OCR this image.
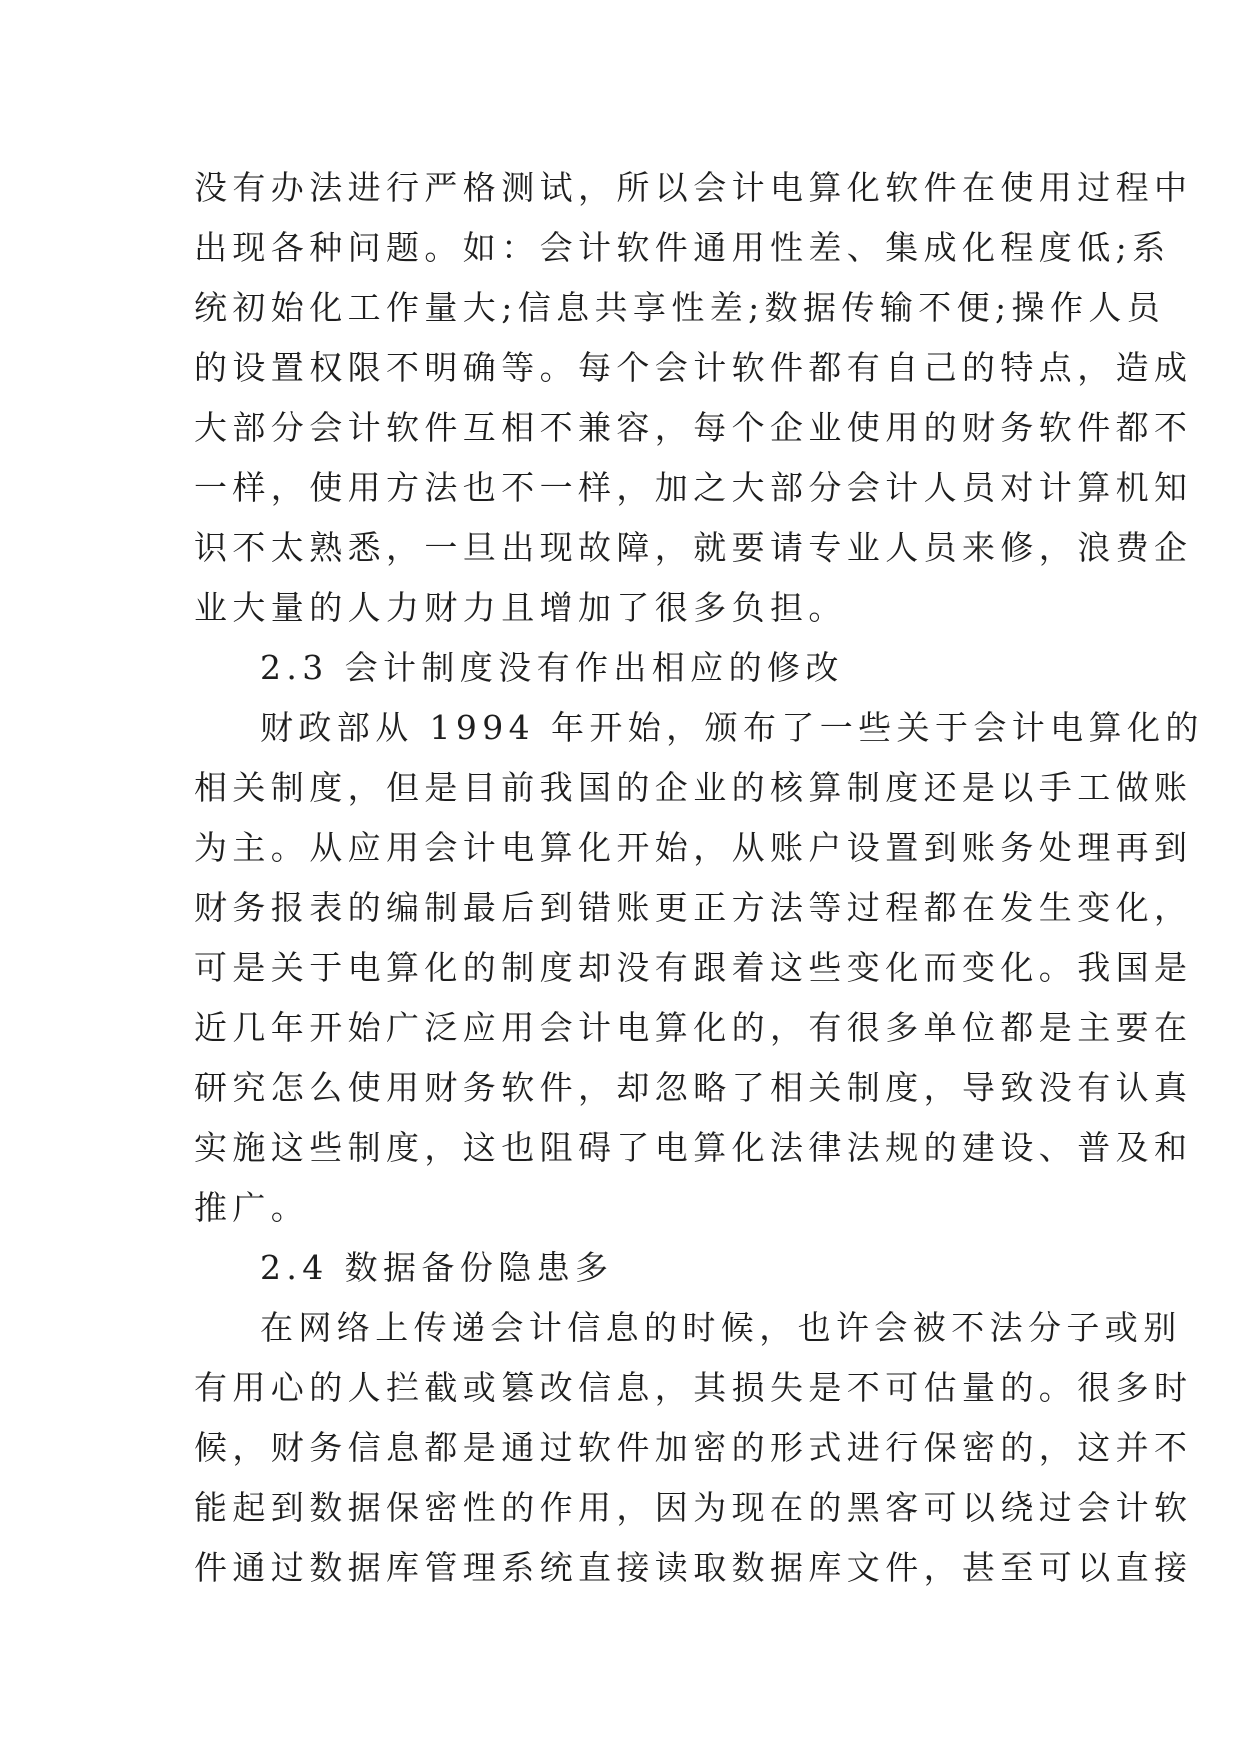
没有办法进行严格测试，所以会计电算化软件在使用过程中
出现各种问题。如：会计软件通用性差、集成化程度低;系
统初始化工作量大;信息共享性差;数据传输不便;操作人员
的设置权限不明确等。每个会计软件都有自己的特点，造成
大部分会计软件互相不兼容，每个企业使用的财务软件都不
一样，使用方法也不一样，加之大部分会计人员对计算机知
识不太熟悉，一旦出现故障，就要请专业人员来修，浪费企
业大量的人力财力且增加了很多负担。
2.3 会计制度没有作出相应的修改
财政部从 1994 年开始，颁布了一些关于会计电算化的
相关制度，但是目前我国的企业的核算制度还是以手工做账
为主。从应用会计电算化开始，从账户设置到账务处理再到
财务报表的编制最后到错账更正方法等过程都在发生变化，
可是关于电算化的制度却没有跟着这些变化而变化。我国是
近几年开始广泛应用会计电算化的，有很多单位都是主要在
研究怎么使用财务软件，却忽略了相关制度，导致没有认真
实施这些制度，这也阻碍了电算化法律法规的建设、普及和
推广。
2.4 数据备份隐患多
在网络上传递会计信息的时候，也许会被不法分子或别
有用心的人拦截或篡改信息，其损失是不可估量的。很多时
候，财务信息都是通过软件加密的形式进行保密的，这并不
能起到数据保密性的作用，因为现在的黑客可以绕过会计软
件通过数据库管理系统直接读取数据库文件，甚至可以直接
